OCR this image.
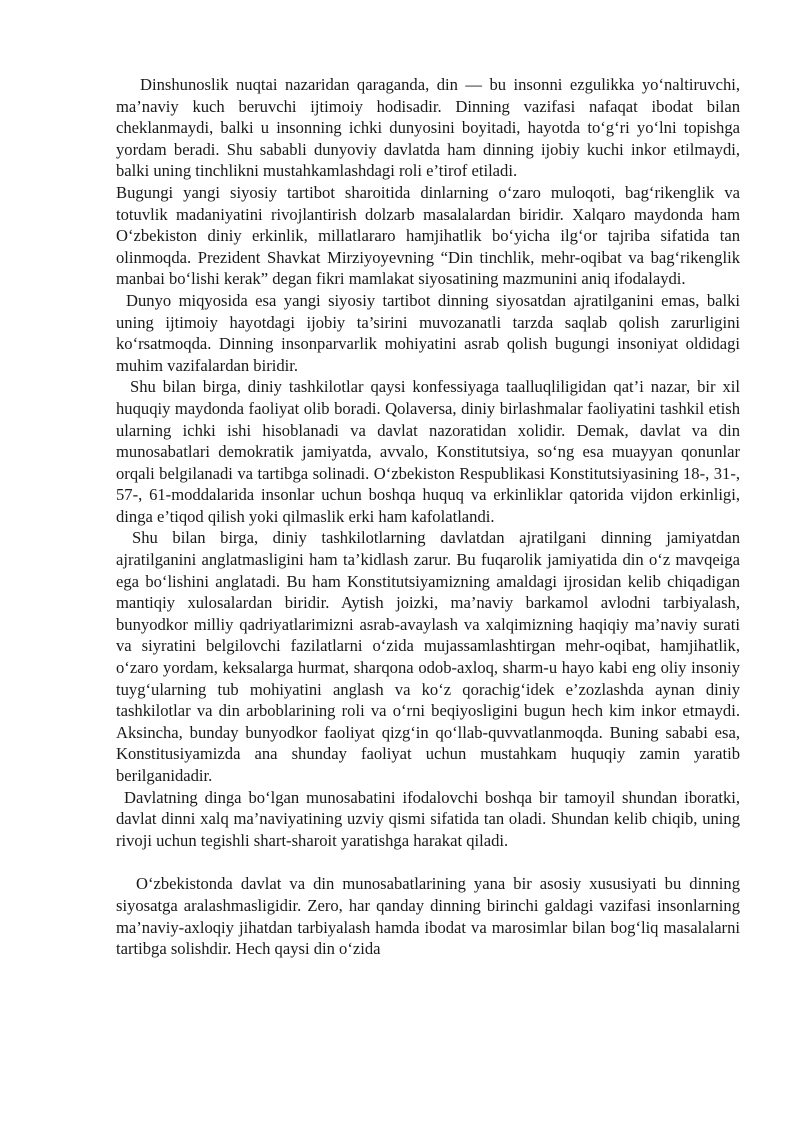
Dinshunoslik nuqtai nazaridan qaraganda, din — bu insonni ezgulikka yo‘naltiruvchi, ma’naviy kuch beruvchi ijtimoiy hodisadir. Dinning vazifasi nafaqat ibodat bilan cheklanmaydi, balki u insonning ichki dunyosini boyitadi, hayotda to‘g‘ri yo‘lni topishga yordam beradi. Shu sababli dunyoviy davlatda ham dinning ijobiy kuchi inkor etilmaydi, balki uning tinchlikni mustahkamlashdagi roli e’tirof etiladi.

Bugungi yangi siyosiy tartibot sharoitida dinlarning o‘zaro muloqoti, bag‘rikenglik va totuvlik madaniyatini rivojlantirish dolzarb masalalardan biridir. Xalqaro maydonda ham O‘zbekiston diniy erkinlik, millatlararo hamjihatlik bo‘yicha ilg‘or tajriba sifatida tan olinmoqda. Prezident Shavkat Mirziyoyevning “Din tinchlik, mehr-oqibat va bag‘rikenglik manbai bo‘lishi kerak” degan fikri mamlakat siyosatining mazmunini aniq ifodalaydi.

Dunyo miqyosida esa yangi siyosiy tartibot dinning siyosatdan ajratilganini emas, balki uning ijtimoiy hayotdagi ijobiy ta’sirini muvozanatli tarzda saqlab qolish zarurligini ko‘rsatmoqda. Dinning insonparvarlik mohiyatini asrab qolish bugungi insoniyat oldidagi muhim vazifalardan biridir.

Shu bilan birga, diniy tashkilotlar qaysi konfessiyaga taalluqliligidan qat’i nazar, bir xil huquqiy maydonda faoliyat olib boradi. Qolaversa, diniy birlashmalar faoliyatini tashkil etish ularning ichki ishi hisoblanadi va davlat nazoratidan xolidir. Demak, davlat va din munosabatlari demokratik jamiyatda, avvalo, Konstitutsiya, so‘ng esa muayyan qonunlar orqali belgilanadi va tartibga solinadi. O‘zbekiston Respublikasi Konstitutsiyasining 18-, 31-, 57-, 61-moddalarida insonlar uchun boshqa huquq va erkinliklar qatorida vijdon erkinligi, dinga e’tiqod qilish yoki qilmaslik erki ham kafolatlandi.

Shu bilan birga, diniy tashkilotlarning davlatdan ajratilgani dinning jamiyatdan ajratilganini anglatmasligini ham ta’kidlash zarur. Bu fuqarolik jamiyatida din o‘z mavqeiga ega bo‘lishini anglatadi. Bu ham Konstitutsiyamizning amaldagi ijrosidan kelib chiqadigan mantiqiy xulosalardan biridir. Aytish joizki, ma’naviy barkamol avlodni tarbiyalash, bunyodkor milliy qadriyatlarimizni asrab-avaylash va xalqimizning haqiqiy ma’naviy surati va siyratini belgilovchi fazilatlarni o‘zida mujassamlashtirgan mehr-oqibat, hamjihatlik, o‘zaro yordam, keksalarga hurmat, sharqona odob-axloq, sharm-u hayo kabi eng oliy insoniy tuyg‘ularning tub mohiyatini anglash va ko‘z qorachig‘idek e’zozlashda aynan diniy tashkilotlar va din arboblarining roli va o‘rni beqiyosligini bugun hech kim inkor etmaydi. Aksincha, bunday bunyodkor faoliyat qizg‘in qo‘llab-quvvatlanmoqda. Buning sababi esa, Konstitusiyamizda ana shunday faoliyat uchun mustahkam huquqiy zamin yaratib berilganidadir.

Davlatning dinga bo‘lgan munosabatini ifodalovchi boshqa bir tamoyil shundan iboratki, davlat dinni xalq ma’naviyatining uzviy qismi sifatida tan oladi. Shundan kelib chiqib, uning rivoji uchun tegishli shart-sharoit yaratishga harakat qiladi.

O‘zbekistonda davlat va din munosabatlarining yana bir asosiy xususiyati bu dinning siyosatga aralashmasligidir. Zero, har qanday dinning birinchi galdagi vazifasi insonlarning ma’naviy-axloqiy jihatdan tarbiyalash hamda ibodat va marosimlar bilan bog‘liq masalalarni tartibga solishdir. Hech qaysi din o‘zida
